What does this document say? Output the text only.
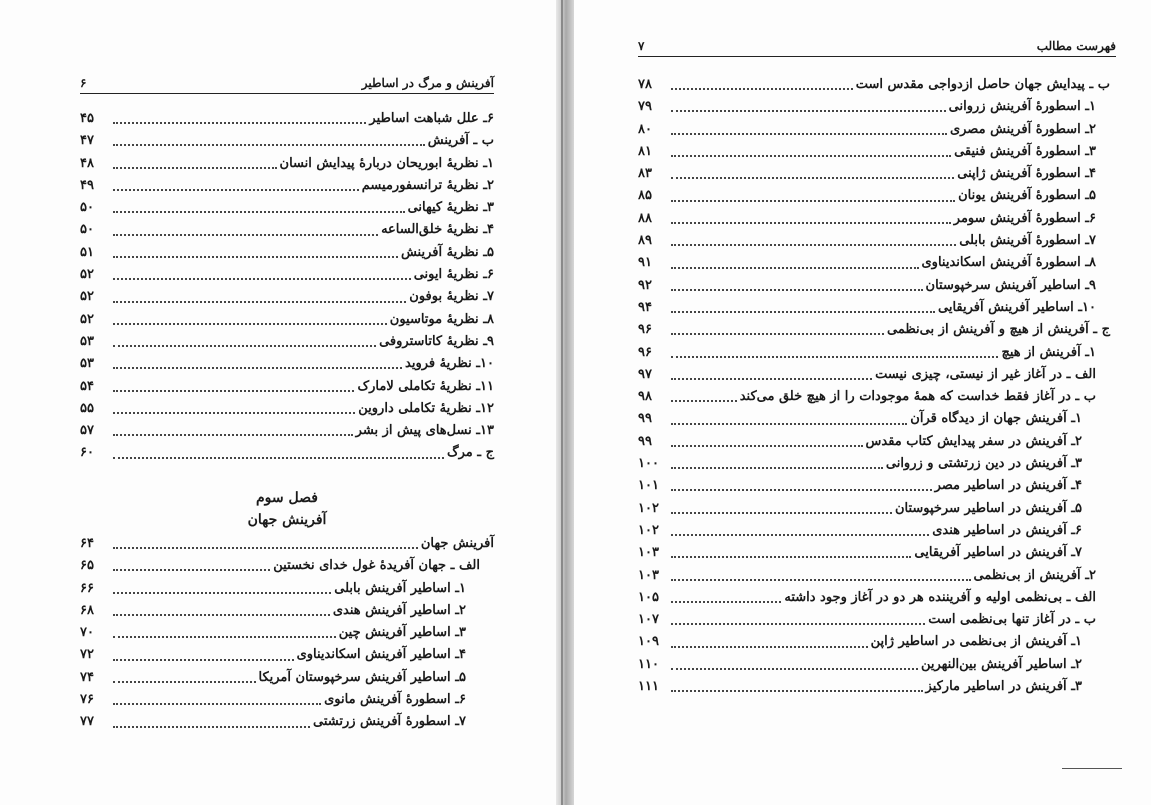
۶	آفرینش و مرگ در اساطیر
۶ـ علل شباهت اساطیر
۴۵
ب ـ آفرینش
۴۷
۱ـ نظریهٔ ابوریحان دربارهٔ پیدایش انسان
۴۸
۲ـ نظریهٔ ترانسفورمیسم
۴۹
۳ـ نظریهٔ کیهانی
۵۰
۴ـ نظریهٔ خلق‌الساعه
۵۰
۵ـ نظریهٔ آفرینش
۵۱
۶ـ نظریهٔ ایونی
۵۲
۷ـ نظریهٔ بوفون
۵۲
۸ـ نظریهٔ موتاسیون
۵۲
۹ـ نظریهٔ کاتاستروفی
۵۳
۱۰ـ نظریهٔ فروید
۵۳
۱۱ـ نظریهٔ تکاملی لامارک
۵۴
۱۲ـ نظریهٔ تکاملی داروین
۵۵
۱۳ـ نسل‌های پیش از بشر
۵۷
ج ـ مرگ
۶۰
فصل سوم
آفرینش جهان
آفرینش جهان
۶۴
الف ـ جهان آفریدهٔ غول خدای نخستین
۶۵
۱ـ اساطیر آفرینش بابلی
۶۶
۲ـ اساطیر آفرینش هندی
۶۸
۳ـ اساطیر آفرینش چین
۷۰
۴ـ اساطیر آفرینش اسکاندیناوی
۷۲
۵ـ اساطیر آفرینش سرخپوستان آمریکا
۷۴
۶ـ اسطورهٔ آفرینش مانوی
۷۶
۷ـ اسطورهٔ آفرینش زرتشتی
۷۷
۷	فهرست مطالب
ب ـ پیدایش جهان حاصل ازدواجی مقدس است
۷۸
۱ـ اسطورهٔ آفرینش زروانی
۷۹
۲ـ اسطورهٔ آفرینش مصری
۸۰
۳ـ اسطورهٔ آفرینش فنیقی
۸۱
۴ـ اسطورهٔ آفرینش ژاپنی
۸۳
۵ـ اسطورهٔ آفرینش یونان
۸۵
۶ـ اسطورهٔ آفرینش سومر
۸۸
۷ـ اسطورهٔ آفرینش بابلی
۸۹
۸ـ اسطورهٔ آفرینش اسکاندیناوی
۹۱
۹ـ اساطیر آفرینش سرخپوستان
۹۲
۱۰ـ اساطیر آفرینش آفریقایی
۹۴
ج ـ آفرینش از هیچ و آفرینش از بی‌نظمی
۹۶
۱ـ آفرینش از هیچ
۹۶
الف ـ در آغاز غیر از نیستی، چیزی نیست
۹۷
ب ـ در آغاز فقط خداست که همهٔ موجودات را از هیچ خلق می‌کند
۹۸
۱ـ آفرینش جهان از دیدگاه قرآن
۹۹
۲ـ آفرینش در سفر پیدایش کتاب مقدس
۹۹
۳ـ آفرینش در دین زرتشتی و زروانی
۱۰۰
۴ـ آفرینش در اساطیر مصر
۱۰۱
۵ـ آفرینش در اساطیر سرخپوستان
۱۰۲
۶ـ آفرینش در اساطیر هندی
۱۰۲
۷ـ آفرینش در اساطیر آفریقایی
۱۰۳
۲ـ آفرینش از بی‌نظمی
۱۰۳
الف ـ بی‌نظمی اولیه و آفریننده هر دو در آغاز وجود داشته
۱۰۵
ب ـ در آغاز تنها بی‌نظمی است
۱۰۷
۱ـ آفرینش از بی‌نظمی در اساطیر ژاپن
۱۰۹
۲ـ اساطیر آفرینش بین‌النهرین
۱۱۰
۳ـ آفرینش در اساطیر ماركيز
۱۱۱
